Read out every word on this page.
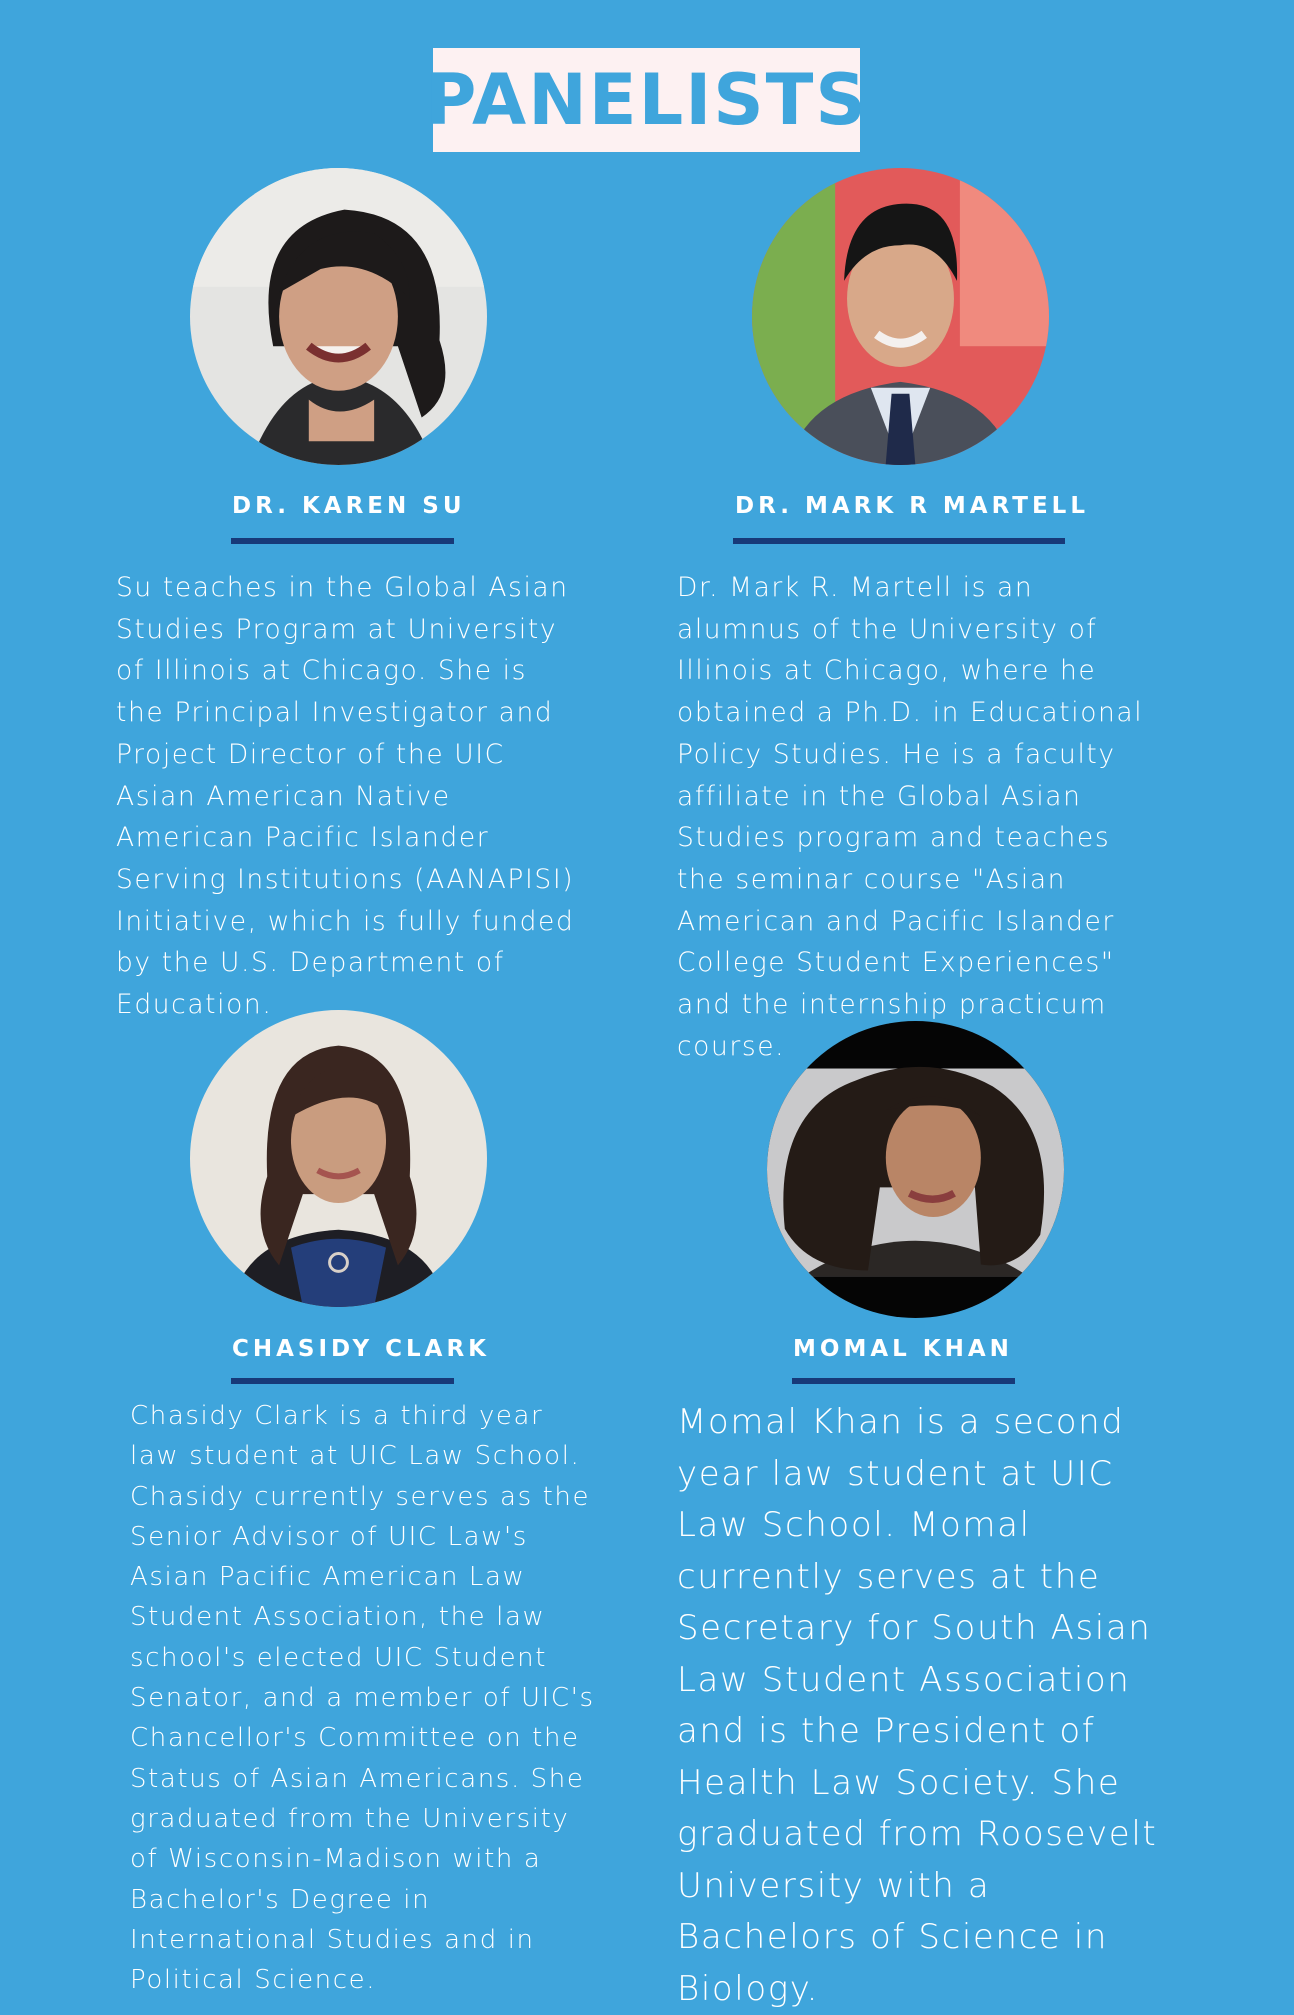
PANELISTS
DR. KAREN SU

Su teaches in the Global Asian Studies Program at University of Illinois at Chicago. She is the Principal Investigator and Project Director of the UIC Asian American Native American Pacific Islander Serving Institutions (AANAPISI) Initiative, which is fully funded by the U.S. Department of Education.

DR. MARK R MARTELL

Dr. Mark R. Martell is an alumnus of the University of Illinois at Chicago, where he obtained a Ph.D. in Educational Policy Studies. He is a faculty affiliate in the Global Asian Studies program and teaches the seminar course "Asian American and Pacific Islander College Student Experiences" and the internship practicum course.

CHASIDY CLARK

Chasidy Clark is a third year law student at UIC Law School. Chasidy currently serves as the Senior Advisor of UIC Law's Asian Pacific American Law Student Association, the law school's elected UIC Student Senator, and a member of UIC's Chancellor's Committee on the Status of Asian Americans. She graduated from the University of Wisconsin-Madison with a Bachelor's Degree in International Studies and in Political Science.

MOMAL KHAN

Momal Khan is a second year law student at UIC Law School. Momal currently serves at the Secretary for South Asian Law Student Association and is the President of Health Law Society. She graduated from Roosevelt University with a Bachelors of Science in Biology.
